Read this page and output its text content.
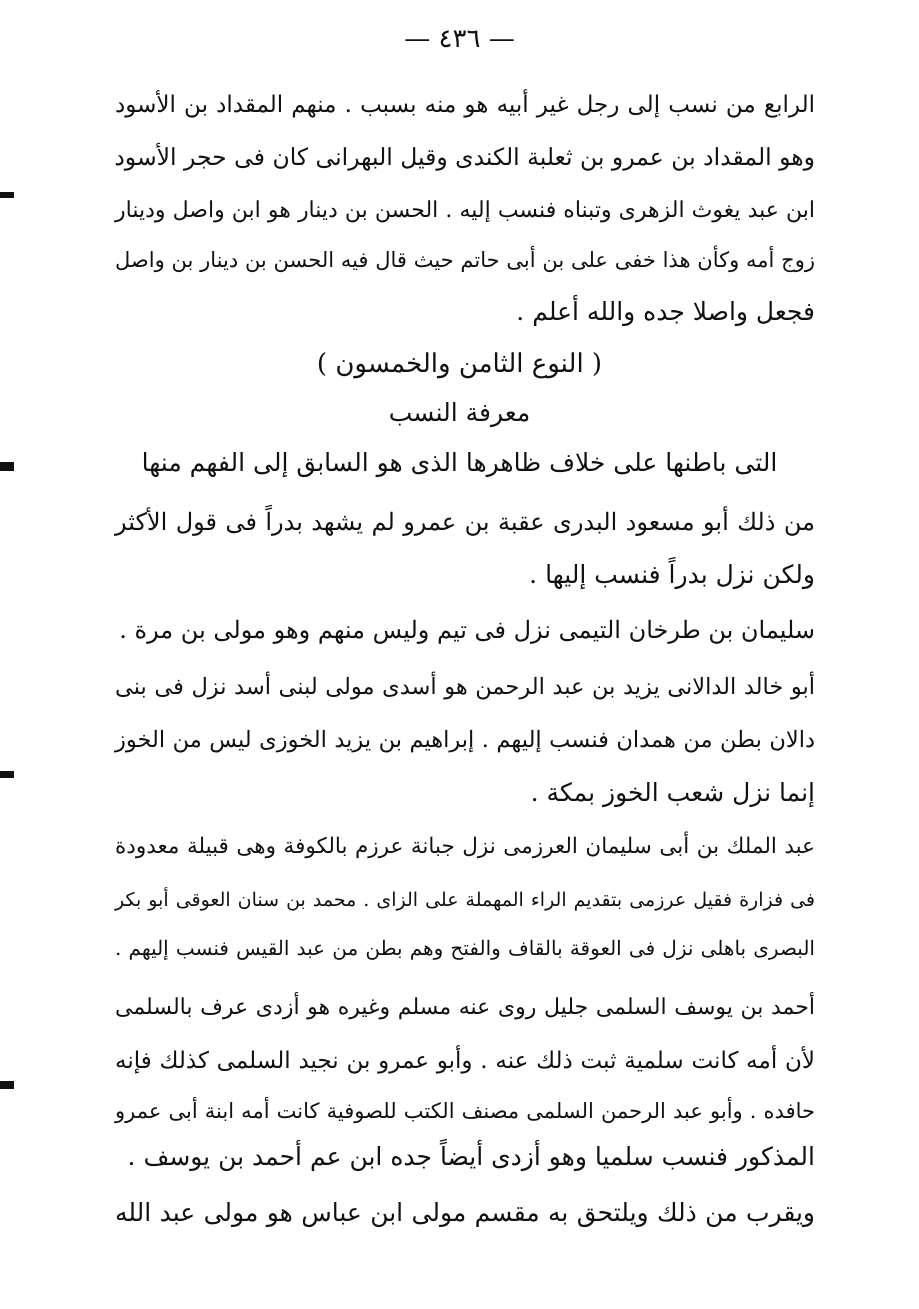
— ٤٣٦ —
الرابع من نسب إلى رجل غير أبيه هو منه بسبب . منهم المقداد بن الأسود
وهو المقداد بن عمرو بن ثعلبة الكندى وقيل البهرانى كان فى حجر الأسود
ابن عبد يغوث الزهرى وتبناه فنسب إليه . الحسن بن دينار هو ابن واصل ودينار
زوج أمه وكأن هذا خفى على بن أبى حاتم حيث قال فيه الحسن بن دينار بن واصل
فجعل واصلا جده والله أعلم .
( النوع الثامن والخمسون )
معرفة النسب
التى باطنها على خلاف ظاهرها الذى هو السابق إلى الفهم منها
من ذلك أبو مسعود البدرى عقبة بن عمرو لم يشهد بدراً فى قول الأكثر
ولكن نزل بدراً فنسب إليها .
سليمان بن طرخان التيمى نزل فى تيم وليس منهم وهو مولى بن مرة .
أبو خالد الدالانى يزيد بن عبد الرحمن هو أسدى مولى لبنى أسد نزل فى بنى
دالان بطن من همدان فنسب إليهم . إبراهيم بن يزيد الخوزى ليس من الخوز
إنما نزل شعب الخوز بمكة .
عبد الملك بن أبى سليمان العرزمى نزل جبانة عرزم بالكوفة وهى قبيلة معدودة
فى فزارة فقيل عرزمى بتقديم الراء المهملة على الزاى . محمد بن سنان العوقى أبو بكر
البصرى باهلى نزل فى العوقة بالقاف والفتح وهم بطن من عبد القيس فنسب إليهم .
أحمد بن يوسف السلمى جليل روى عنه مسلم وغيره هو أزدى عرف بالسلمى
لأن أمه كانت سلمية ثبت ذلك عنه . وأبو عمرو بن نجيد السلمى كذلك فإنه
حافده . وأبو عبد الرحمن السلمى مصنف الكتب للصوفية كانت أمه ابنة أبى عمرو
المذكور فنسب سلميا وهو أزدى أيضاً جده ابن عم أحمد بن يوسف .
ويقرب من ذلك ويلتحق به مقسم مولى ابن عباس هو مولى عبد الله
